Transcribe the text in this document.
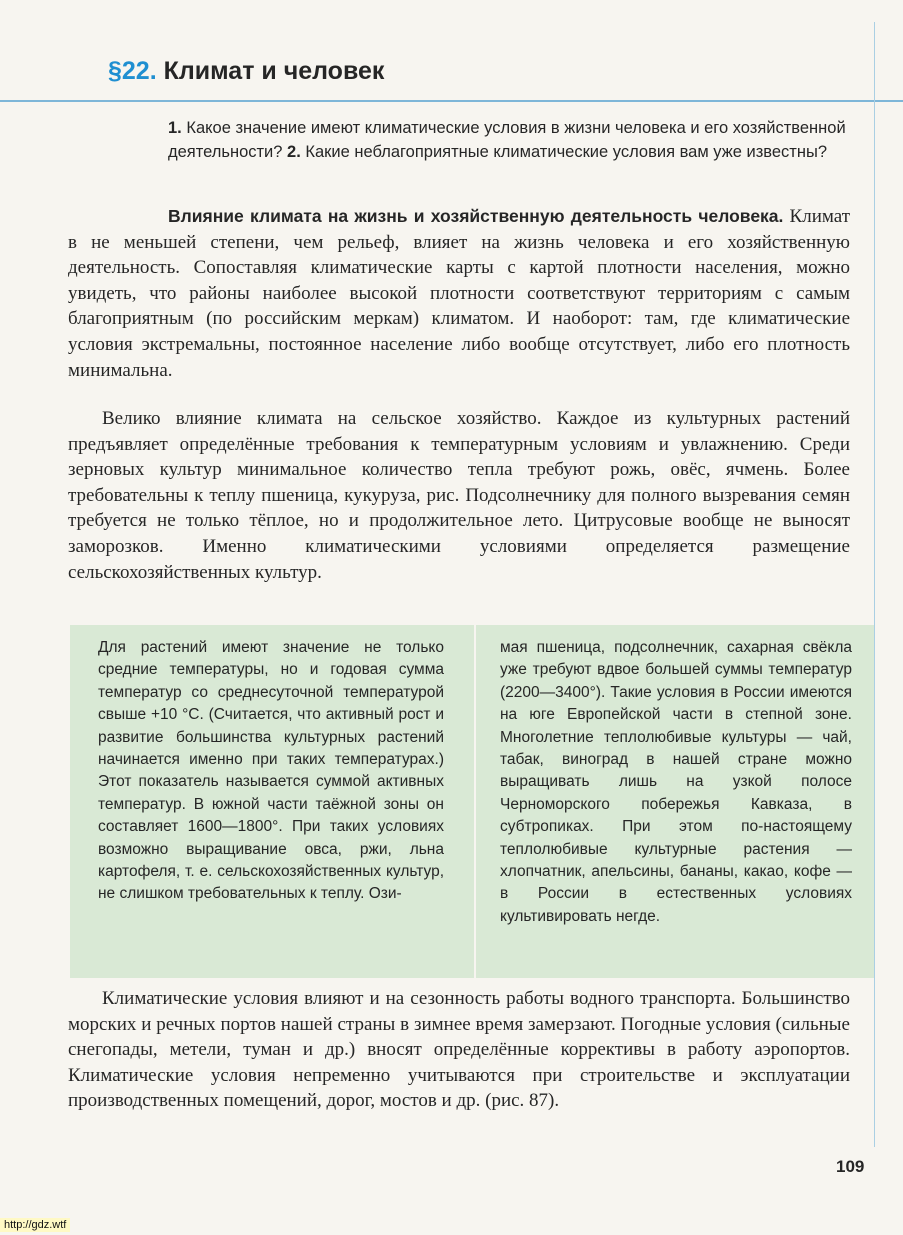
§22. Климат и человек

1. Какое значение имеют климатические условия в жизни человека и его хозяйственной деятельности? 2. Какие неблагоприятные климатические условия вам уже известны?

Влияние климата на жизнь и хозяйственную деятельность человека. Климат в не меньшей степени, чем рельеф, влияет на жизнь человека и его хозяйственную деятельность. Сопоставляя климатические карты с картой плотности населения, можно увидеть, что районы наиболее высокой плотности соответствуют территориям с самым благоприятным (по российским меркам) климатом. И наоборот: там, где климатические условия экстремальны, постоянное население либо вообще отсутствует, либо его плотность минимальна.

Велико влияние климата на сельское хозяйство. Каждое из культурных растений предъявляет определённые требования к температурным условиям и увлажнению. Среди зерновых культур минимальное количество тепла требуют рожь, овёс, ячмень. Более требовательны к теплу пшеница, кукуруза, рис. Подсолнечнику для полного вызревания семян требуется не только тёплое, но и продолжительное лето. Цитрусовые вообще не выносят заморозков. Именно климатическими условиями определяется размещение сельскохозяйственных культур.

Для растений имеют значение не только средние температуры, но и годовая сумма температур со среднесуточной температурой свыше +10 °С. (Считается, что активный рост и развитие большинства культурных растений начинается именно при таких температурах.) Этот показатель называется суммой активных температур. В южной части таёжной зоны он составляет 1600—1800°. При таких условиях возможно выращивание овса, ржи, льна картофеля, т. е. сельскохозяйственных культур, не слишком требовательных к теплу. Ози-

мая пшеница, подсолнечник, сахарная свёкла уже требуют вдвое большей суммы температур (2200—3400°). Такие условия в России имеются на юге Европейской части в степной зоне. Многолетние теплолюбивые культуры — чай, табак, виноград в нашей стране можно выращивать лишь на узкой полосе Черноморского побережья Кавказа, в субтропиках. При этом по-настоящему теплолюбивые культурные растения — хлопчатник, апельсины, бананы, какао, кофе — в России в естественных условиях культивировать негде.

Климатические условия влияют и на сезонность работы водного транспорта. Большинство морских и речных портов нашей страны в зимнее время замерзают. Погодные условия (сильные снегопады, метели, туман и др.) вносят определённые коррективы в работу аэропортов. Климатические условия непременно учитываются при строительстве и эксплуатации производственных помещений, дорог, мостов и др. (рис. 87).

109
http://gdz.wtf
